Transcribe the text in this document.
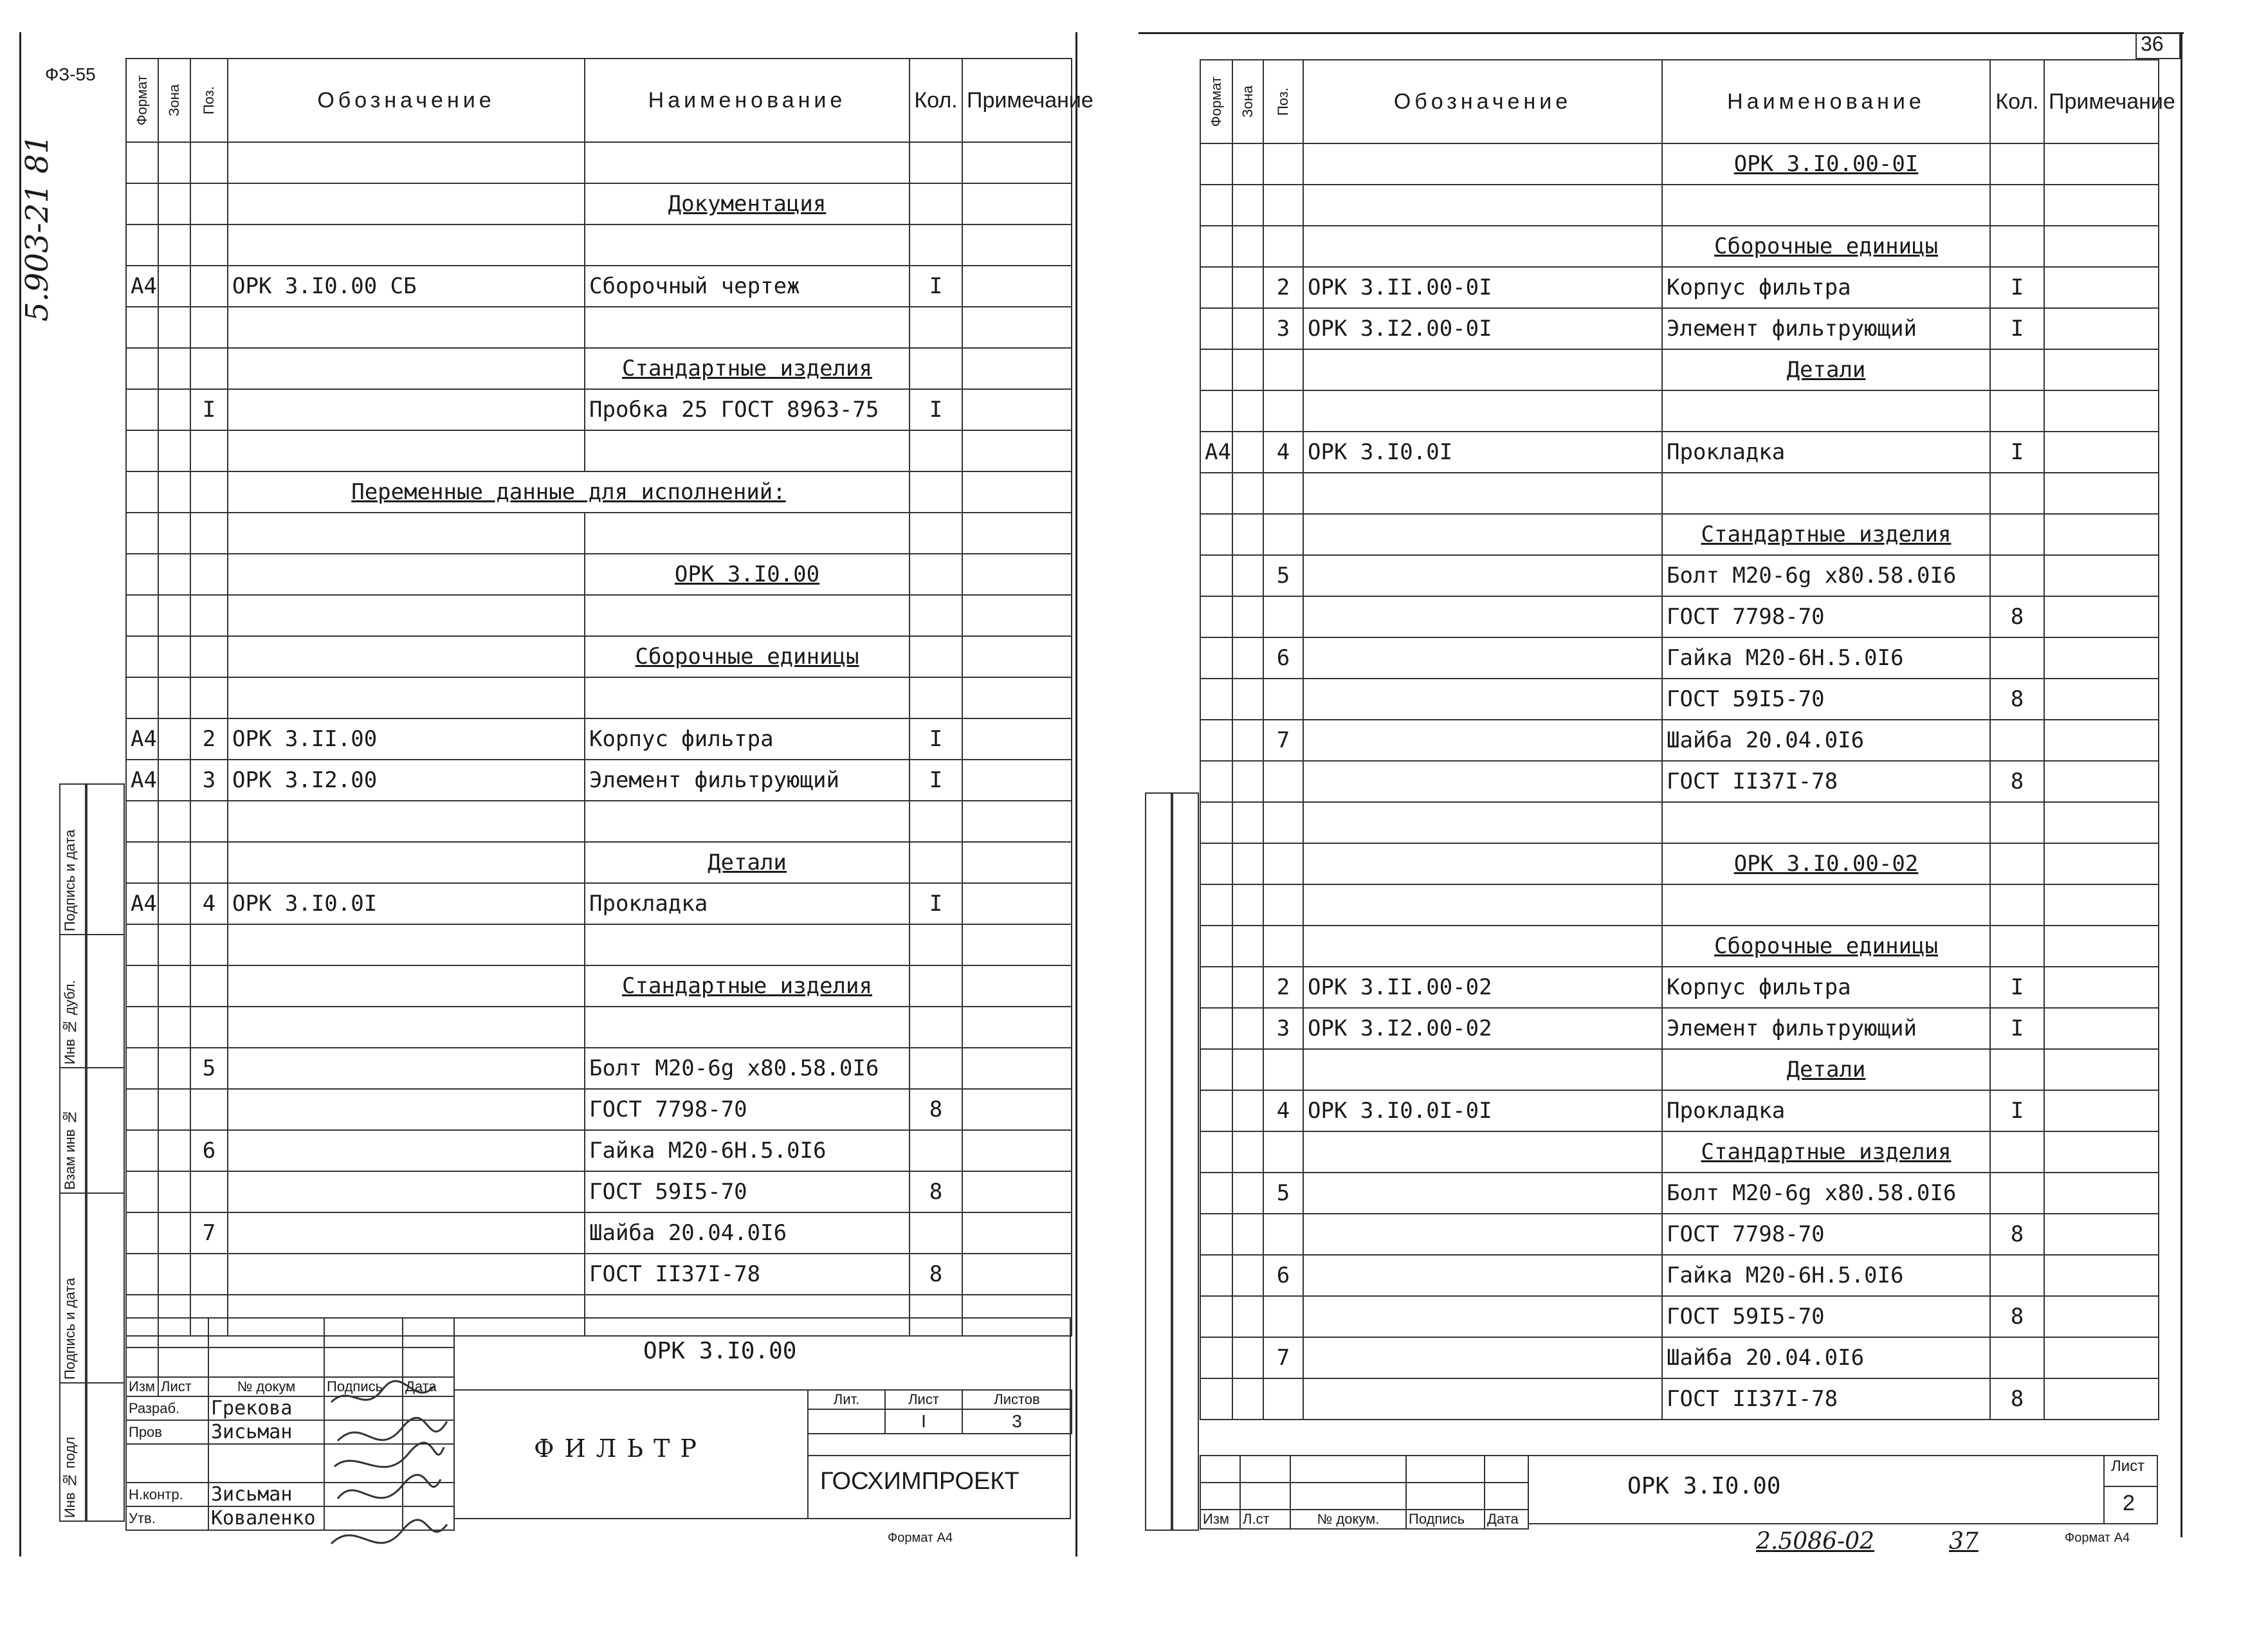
ФЗ-55
5.903-21 81
Формат	Зона	Поз.	Обозначение	Наименование	Кол.	Примечание

				Документация		

А4			ОРК 3.I0.00 СБ	Сборочный чертеж	I	

				Стандартные изделия		
		I		Пробка 25 ГОСТ 8963-75	I	

			Переменные данные для исполнений:			

				ОРК 3.I0.00		

				Сборочные единицы		

А4		2	ОРК 3.II.00	Корпус фильтра	I	
А4		3	ОРК 3.I2.00	Элемент фильтрующий	I	

				Детали		
А4		4	ОРК 3.I0.0I	Прокладка	I	

				Стандартные изделия		

		5		Болт М20-6g х80.58.0I6		
				ГОСТ 7798-70	8	
		6		Гайка М20-6Н.5.0I6		
				ГОСТ 59I5-70	8	
		7		Шайба 20.04.0I6		
				ГОСТ II37I-78	8	

Подпись и дата
Инв № дубл.
Взам инв №
Подпись и дата
Инв № подл

Изм	Лист	№ докум	Подпись	Дата
Разраб.		Грекова		
Пров		Зисьман		

Н.контр.		Зисьман		
Утв.		Коваленко		
ОРК 3.I0.00
ФИЛЬТР
Лит.	Лист	Листов
	I	3
ГОСХИМПРОЕКТ
Формат А4
36
Формат	Зона	Поз.	Обозначение	Наименование	Кол.	Примечание
				ОРК 3.I0.00-0I		

				Сборочные единицы		
		2	ОРК 3.II.00-0I	Корпус фильтра	I	
		3	ОРК 3.I2.00-0I	Элемент фильтрующий	I	
				Детали		

А4		4	ОРК 3.I0.0I	Прокладка	I	

				Стандартные изделия		
		5		Болт М20-6g х80.58.0I6		
				ГОСТ 7798-70	8	
		6		Гайка М20-6Н.5.0I6		
				ГОСТ 59I5-70	8	
		7		Шайба 20.04.0I6		
				ГОСТ II37I-78	8	

				ОРК 3.I0.00-02		

				Сборочные единицы		
		2	ОРК 3.II.00-02	Корпус фильтра	I	
		3	ОРК 3.I2.00-02	Элемент фильтрующий	I	
				Детали		
		4	ОРК 3.I0.0I-0I	Прокладка	I	
				Стандартные изделия		
		5		Болт М20-6g х80.58.0I6		
				ГОСТ 7798-70	8	
		6		Гайка М20-6Н.5.0I6		
				ГОСТ 59I5-70	8	
		7		Шайба 20.04.0I6		
				ГОСТ II37I-78	8	

Изм	Л.ст	№ докум.	Подпись	Дата
ОРК 3.I0.00
Лист
2
2.5086-02	37	Формат А4
